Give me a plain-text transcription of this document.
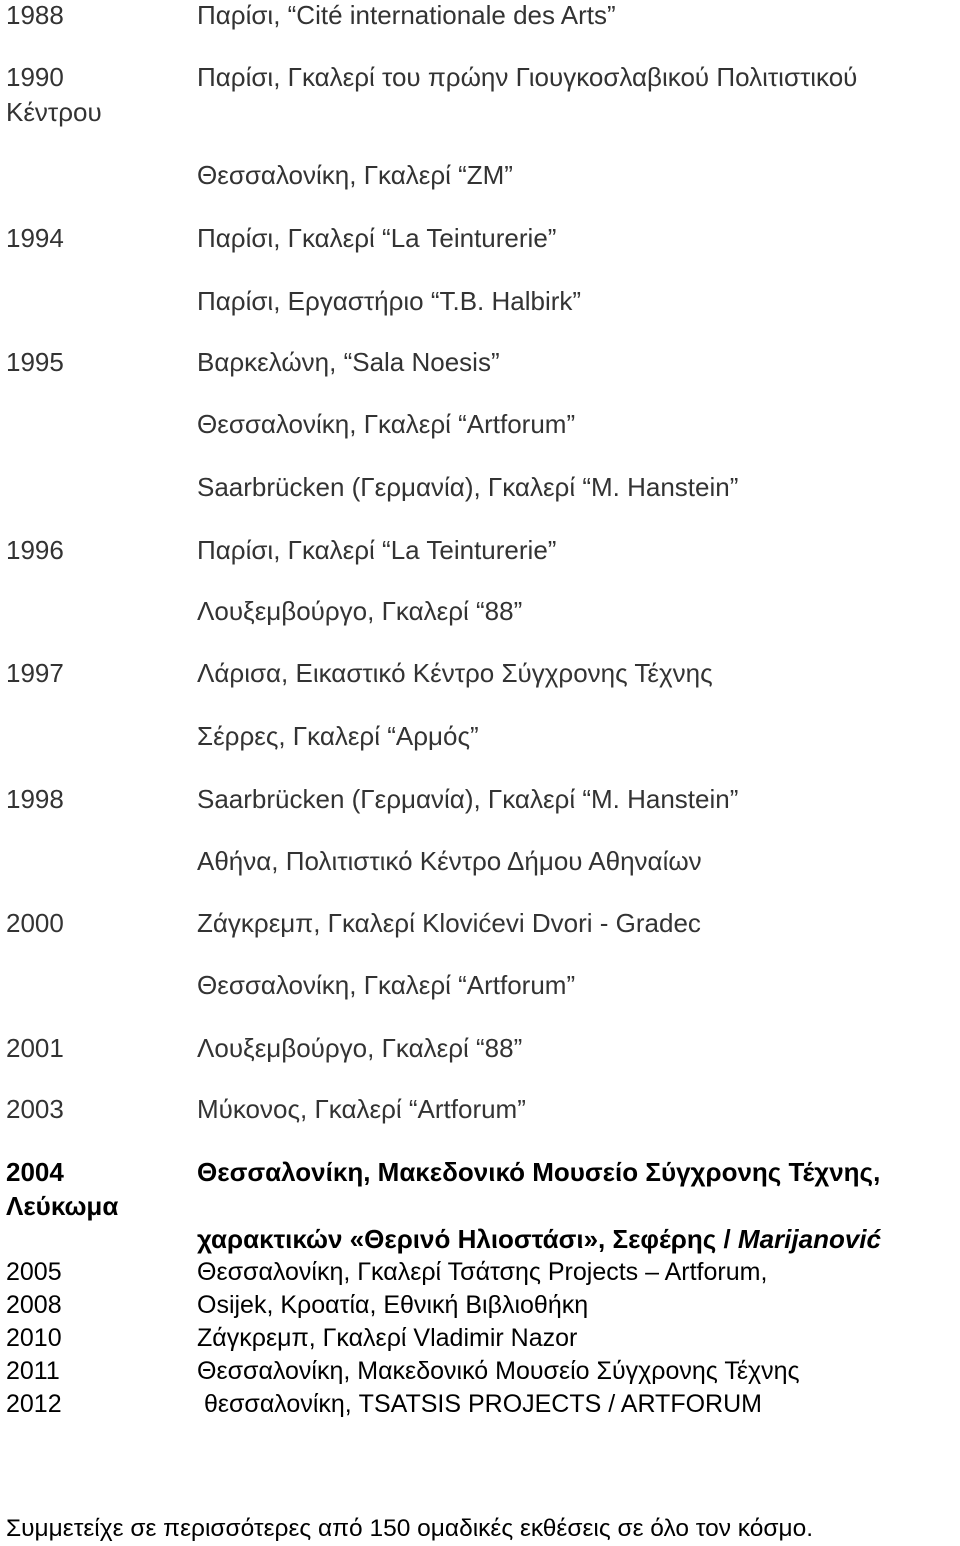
1988	Παρίσι, “Cité internationale des Arts”
1990	Παρίσι, Γκαλερί του πρώην Γιουγκοσλαβικού Πολιτιστικού
Κέντρου
Θεσσαλονίκη, Γκαλερί “ZM”
1994	Παρίσι, Γκαλερί “La Teinturerie”
Παρίσι, Εργαστήριο “T.B. Halbirk”
1995	Βαρκελώνη, “Sala Noesis”
Θεσσαλονίκη, Γκαλερί “Artforum”
Saarbrücken (Γερμανία), Γκαλερί “M. Hanstein”
1996	Παρίσι, Γκαλερί “La Teinturerie”
Λουξεμβούργο, Γκαλερί “88”
1997	Λάρισα, Εικαστικό Κέντρο Σύγχρονης Τέχνης
Σέρρες, Γκαλερί “Αρμός”
1998	Saarbrücken (Γερμανία), Γκαλερί “M. Hanstein”
Αθήνα, Πολιτιστικό Κέντρο Δήμου Αθηναίων
2000	Ζάγκρεμπ, Γκαλερί Klovićevi Dvori - Gradec
Θεσσαλονίκη, Γκαλερί “Artforum”
2001	Λουξεμβούργο, Γκαλερί “88”
2003	Μύκονος, Γκαλερί “Artforum”
2004	Θεσσαλονίκη, Μακεδονικό Μουσείο Σύγχρονης Τέχνης,
Λεύκωμα
χαρακτικών «Θερινό Ηλιοστάσι», Σεφέρης / Marijanović
2005	Θεσσαλονίκη, Γκαλερί Τσάτσης Projects – Artforum,
2008	Osijek, Κροατία, Εθνική Βιβλιοθήκη
2010	Ζάγκρεμπ, Γκαλερί Vladimir Nazor
2011	Θεσσαλονίκη, Μακεδονικό Μουσείο Σύγχρονης Τέχνης
2012	θεσσαλονίκη, TSATSIS PROJECTS / ARTFORUM
Συμμετείχε σε περισσότερες από 150 ομαδικές εκθέσεις σε όλο τον κόσμο.
